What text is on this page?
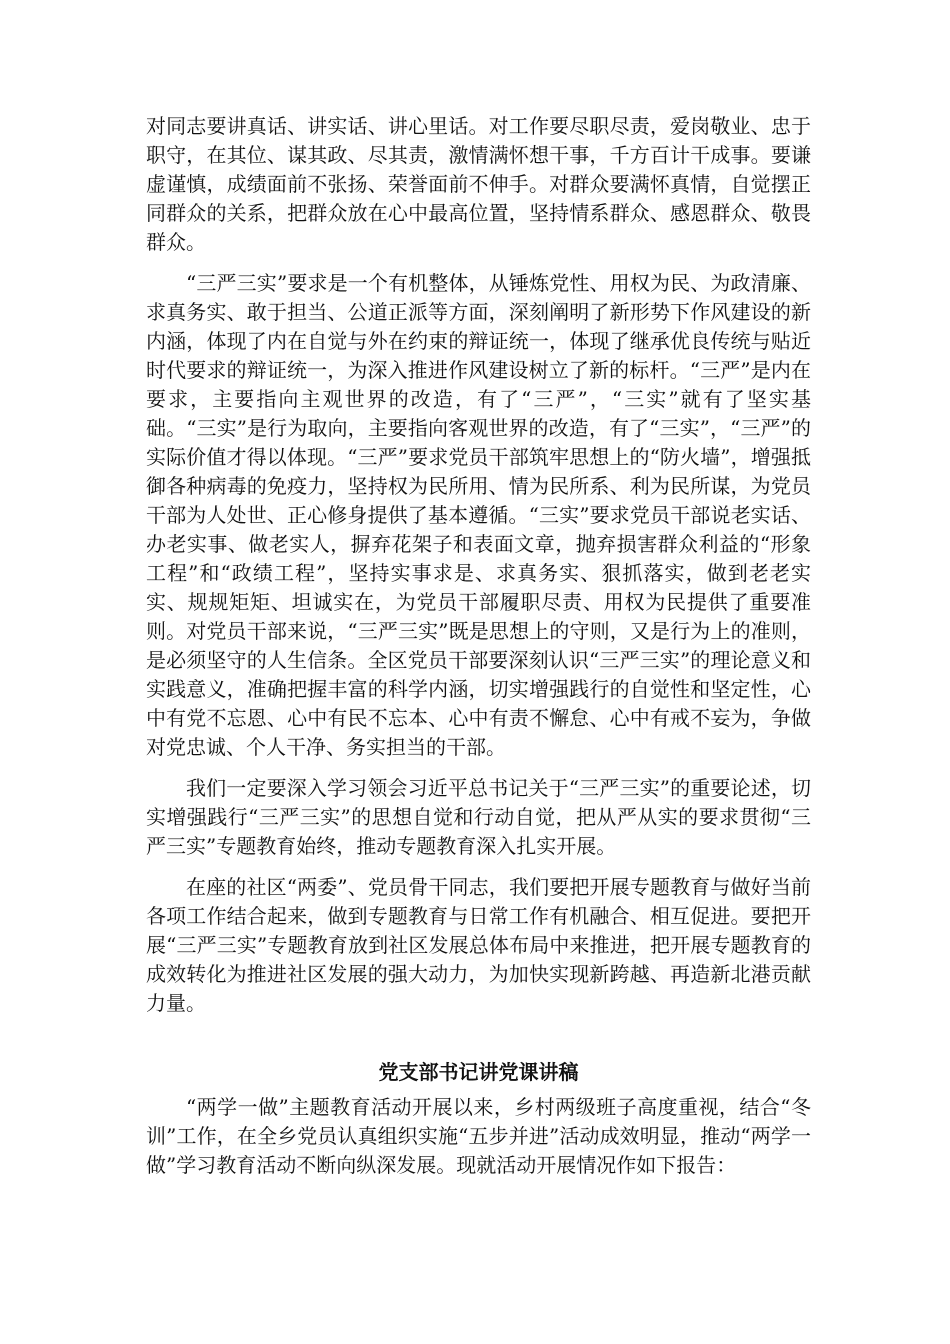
对同志要讲真话、讲实话、讲心里话。对工作要尽职尽责，爱岗敬业、忠于职守，在其位、谋其政、尽其责，激情满怀想干事，千方百计干成事。要谦虚谨慎，成绩面前不张扬、荣誉面前不伸手。对群众要满怀真情，自觉摆正同群众的关系，把群众放在心中最高位置，坚持情系群众、感恩群众、敬畏群众。

“三严三实”要求是一个有机整体，从锤炼党性、用权为民、为政清廉、求真务实、敢于担当、公道正派等方面，深刻阐明了新形势下作风建设的新内涵，体现了内在自觉与外在约束的辩证统一，体现了继承优良传统与贴近时代要求的辩证统一，为深入推进作风建设树立了新的标杆。“三严”是内在要求，主要指向主观世界的改造，有了“三严”，“三实”就有了坚实基础。“三实”是行为取向，主要指向客观世界的改造，有了“三实”，“三严”的实际价值才得以体现。“三严”要求党员干部筑牢思想上的“防火墙”，增强抵御各种病毒的免疫力，坚持权为民所用、情为民所系、利为民所谋，为党员干部为人处世、正心修身提供了基本遵循。“三实”要求党员干部说老实话、办老实事、做老实人，摒弃花架子和表面文章，抛弃损害群众利益的“形象工程”和“政绩工程”，坚持实事求是、求真务实、狠抓落实，做到老老实实、规规矩矩、坦诚实在，为党员干部履职尽责、用权为民提供了重要准则。对党员干部来说，“三严三实”既是思想上的守则，又是行为上的准则，是必须坚守的人生信条。全区党员干部要深刻认识“三严三实”的理论意义和实践意义，准确把握丰富的科学内涵，切实增强践行的自觉性和坚定性，心中有党不忘恩、心中有民不忘本、心中有责不懈怠、心中有戒不妄为，争做对党忠诚、个人干净、务实担当的干部。

我们一定要深入学习领会习近平总书记关于“三严三实”的重要论述，切实增强践行“三严三实”的思想自觉和行动自觉，把从严从实的要求贯彻“三严三实”专题教育始终，推动专题教育深入扎实开展。

在座的社区“两委”、党员骨干同志，我们要把开展专题教育与做好当前各项工作结合起来，做到专题教育与日常工作有机融合、相互促进。要把开展“三严三实”专题教育放到社区发展总体布局中来推进，把开展专题教育的成效转化为推进社区发展的强大动力，为加快实现新跨越、再造新北港贡献力量。

党支部书记讲党课讲稿

“两学一做”主题教育活动开展以来，乡村两级班子高度重视，结合“冬训”工作，在全乡党员认真组织实施“五步并进”活动成效明显，推动“两学一做”学习教育活动不断向纵深发展。现就活动开展情况作如下报告：
